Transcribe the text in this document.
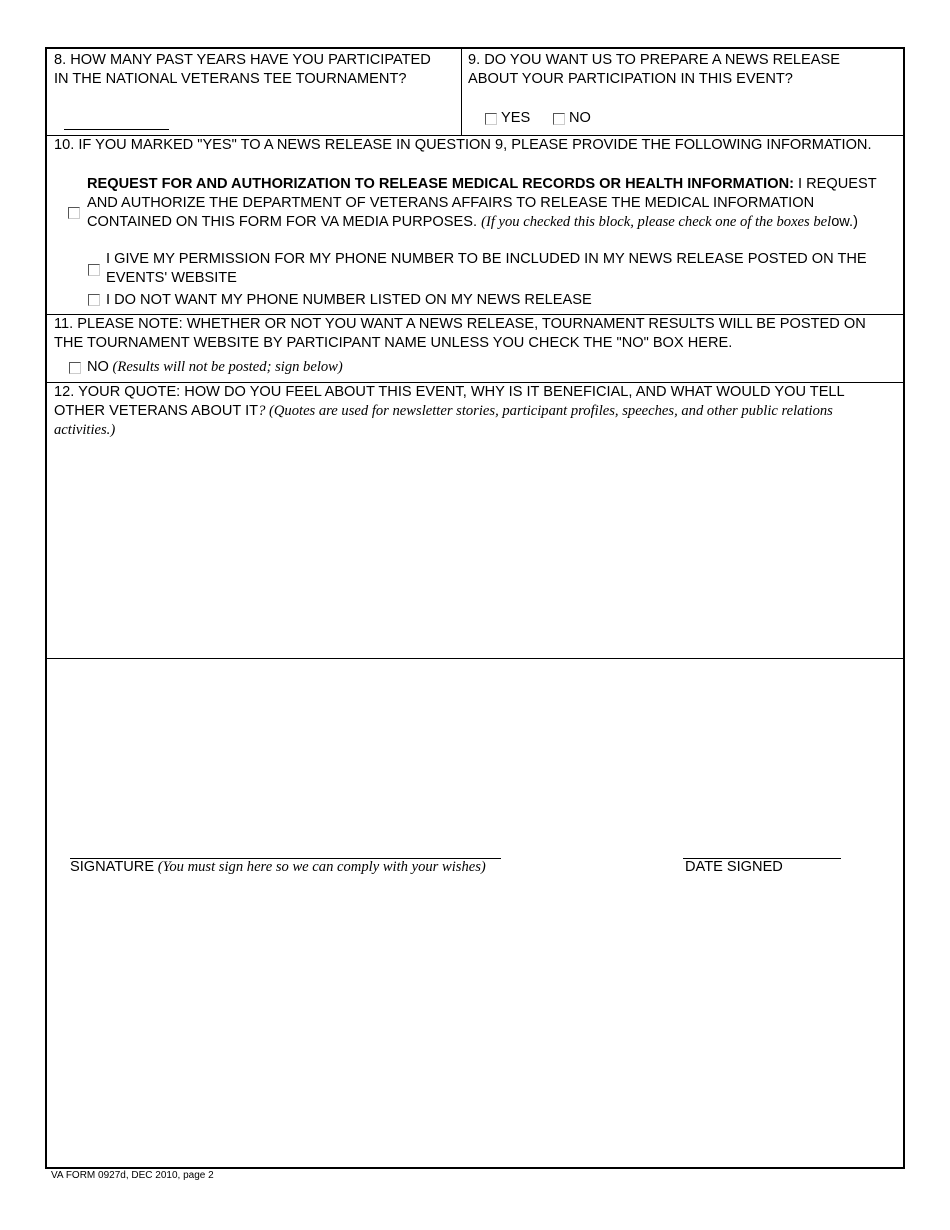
8. HOW MANY PAST YEARS HAVE YOU PARTICIPATED IN THE NATIONAL VETERANS TEE TOURNAMENT?
9. DO YOU WANT US TO PREPARE A NEWS RELEASE ABOUT YOUR PARTICIPATION IN THIS EVENT?
YES	NO
10. IF YOU MARKED "YES" TO A NEWS RELEASE IN QUESTION 9, PLEASE PROVIDE THE FOLLOWING INFORMATION.
REQUEST FOR AND AUTHORIZATION TO RELEASE MEDICAL RECORDS OR HEALTH INFORMATION: I REQUEST AND AUTHORIZE THE DEPARTMENT OF VETERANS AFFAIRS TO RELEASE THE MEDICAL INFORMATION CONTAINED ON THIS FORM FOR VA MEDIA PURPOSES. (If you checked this block, please check one of the boxes below.)
I GIVE MY PERMISSION FOR MY PHONE NUMBER TO BE INCLUDED IN MY NEWS RELEASE POSTED ON THE EVENTS' WEBSITE
I DO NOT WANT MY PHONE NUMBER LISTED ON MY NEWS RELEASE
11. PLEASE NOTE: WHETHER OR NOT YOU WANT A NEWS RELEASE, TOURNAMENT RESULTS WILL BE POSTED ON THE TOURNAMENT WEBSITE BY PARTICIPANT NAME UNLESS YOU CHECK THE "NO" BOX HERE.
NO (Results will not be posted; sign below)
12. YOUR QUOTE: HOW DO YOU FEEL ABOUT THIS EVENT, WHY IS IT BENEFICIAL, AND WHAT WOULD YOU TELL OTHER VETERANS ABOUT IT? (Quotes are used for newsletter stories, participant profiles, speeches, and other public relations activities.)
SIGNATURE (You must sign here so we can comply with your wishes)	DATE SIGNED
VA FORM 0927d, DEC 2010, page 2
